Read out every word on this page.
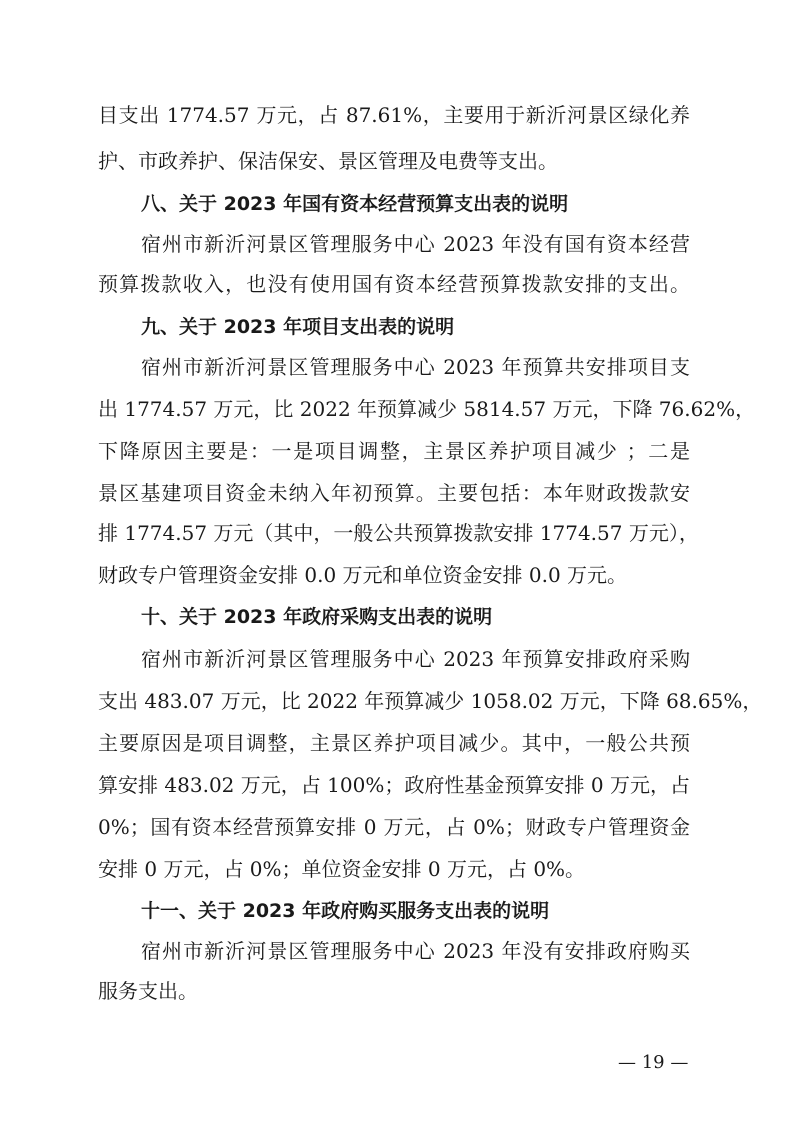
目支出 1774.57 万元，占 87.61%，主要用于新沂河景区绿化养
护、市政养护、保洁保安、景区管理及电费等支出。
八、关于 2023 年国有资本经营预算支出表的说明
宿州市新沂河景区管理服务中心 2023 年没有国有资本经营
预算拨款收入，也没有使用国有资本经营预算拨款安排的支出。
九、关于 2023 年项目支出表的说明
宿州市新沂河景区管理服务中心 2023 年预算共安排项目支
出 1774.57 万元，比 2022 年预算减少 5814.57 万元，下降 76.62%，
下降原因主要是：一是项目调整，主景区养护项目减少 ；二是
景区基建项目资金未纳入年初预算。主要包括：本年财政拨款安
排 1774.57 万元（其中，一般公共预算拨款安排 1774.57 万元），
财政专户管理资金安排 0.0 万元和单位资金安排 0.0 万元。
十、关于 2023 年政府采购支出表的说明
宿州市新沂河景区管理服务中心 2023 年预算安排政府采购
支出 483.07 万元，比 2022 年预算减少 1058.02 万元，下降 68.65%，
主要原因是项目调整，主景区养护项目减少。其中，一般公共预
算安排 483.02 万元，占 100%；政府性基金预算安排 0 万元，占
0%；国有资本经营预算安排 0 万元，占 0%；财政专户管理资金
安排 0 万元，占 0%；单位资金安排 0 万元，占 0%。
十一、关于 2023 年政府购买服务支出表的说明
宿州市新沂河景区管理服务中心 2023 年没有安排政府购买
服务支出。
— 19 —
